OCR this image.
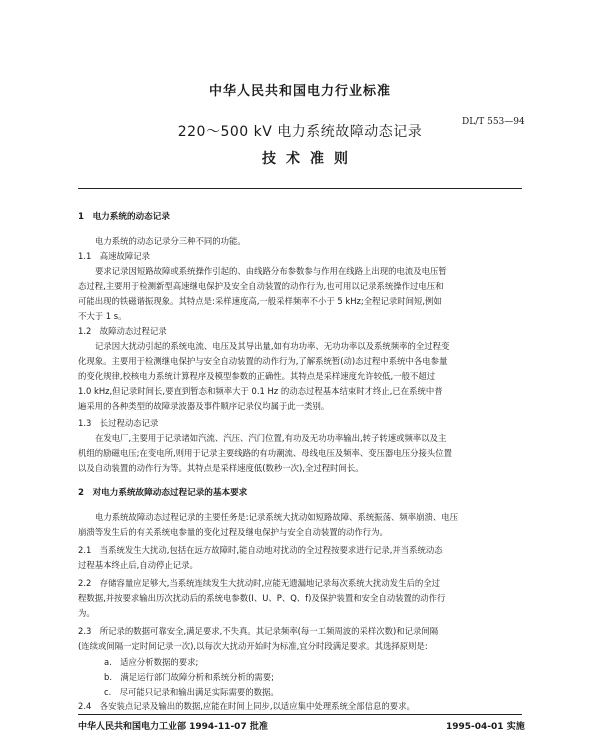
中华人民共和国电力行业标准
DL/T 553—94
220～500 kV 电力系统故障动态记录
技术准则
1　电力系统的动态记录
电力系统的动态记录分三种不同的功能。
1.1　高速故障记录
要求记录因短路故障或系统操作引起的、由线路分布参数参与作用在线路上出现的电流及电压暂
态过程,主要用于检测新型高速继电保护及安全自动装置的动作行为,也可用以记录系统操作过电压和
可能出现的铁磁谐振现象。其特点是:采样速度高,一般采样频率不小于 5 kHz;全程记录时间短,例如
不大于 1 s。
1.2　故障动态过程记录
记录因大扰动引起的系统电流、电压及其导出量,如有功功率、无功功率以及系统频率的全过程变
化现象。主要用于检测继电保护与安全自动装置的动作行为,了解系统暂(动)态过程中系统中各电参量
的变化规律,校核电力系统计算程序及模型参数的正确性。其特点是采样速度允许较低,一般不超过
1.0 kHz,但记录时间长,要直到暂态和频率大于 0.1 Hz 的动态过程基本结束时才终止,已在系统中普
遍采用的各种类型的故障录波器及事件顺序记录仪均属于此一类别。
1.3　长过程动态记录
在发电厂,主要用于记录诸如汽流、汽压、汽门位置,有功及无功功率输出,转子转速或频率以及主
机组的励磁电压;在变电所,则用于记录主要线路的有功潮流、母线电压及频率、变压器电压分接头位置
以及自动装置的动作行为等。其特点是采样速度低(数秒一次),全过程时间长。
2　对电力系统故障动态过程记录的基本要求
电力系统故障动态过程记录的主要任务是:记录系统大扰动如短路故障、系统振荡、频率崩溃、电压
崩溃等发生后的有关系统电参量的变化过程及继电保护与安全自动装置的动作行为。
2.1　当系统发生大扰动,包括在远方故障时,能自动地对扰动的全过程按要求进行记录,并当系统动态
过程基本终止后,自动停止记录。
2.2　存储容量应足够大,当系统连续发生大扰动时,应能无遗漏地记录每次系统大扰动发生后的全过
程数据,并按要求输出历次扰动后的系统电参数(I、U、P、Q、f)及保护装置和安全自动装置的动作行
为。
2.3　所记录的数据可靠安全,满足要求,不失真。其记录频率(每一工频周波的采样次数)和记录间隔
(连续或间隔一定时间记录一次),以每次大扰动开始时为标准,宜分时段满足要求。其选择原则是:
a.　适应分析数据的要求;
b.　满足运行部门故障分析和系统分析的需要;
c.　尽可能只记录和输出满足实际需要的数据。
2.4　各安装点记录及输出的数据,应能在时间上同步,以适应集中处理系统全部信息的要求。
中华人民共和国电力工业部 1994-11-07 批准	1995-04-01 实施
